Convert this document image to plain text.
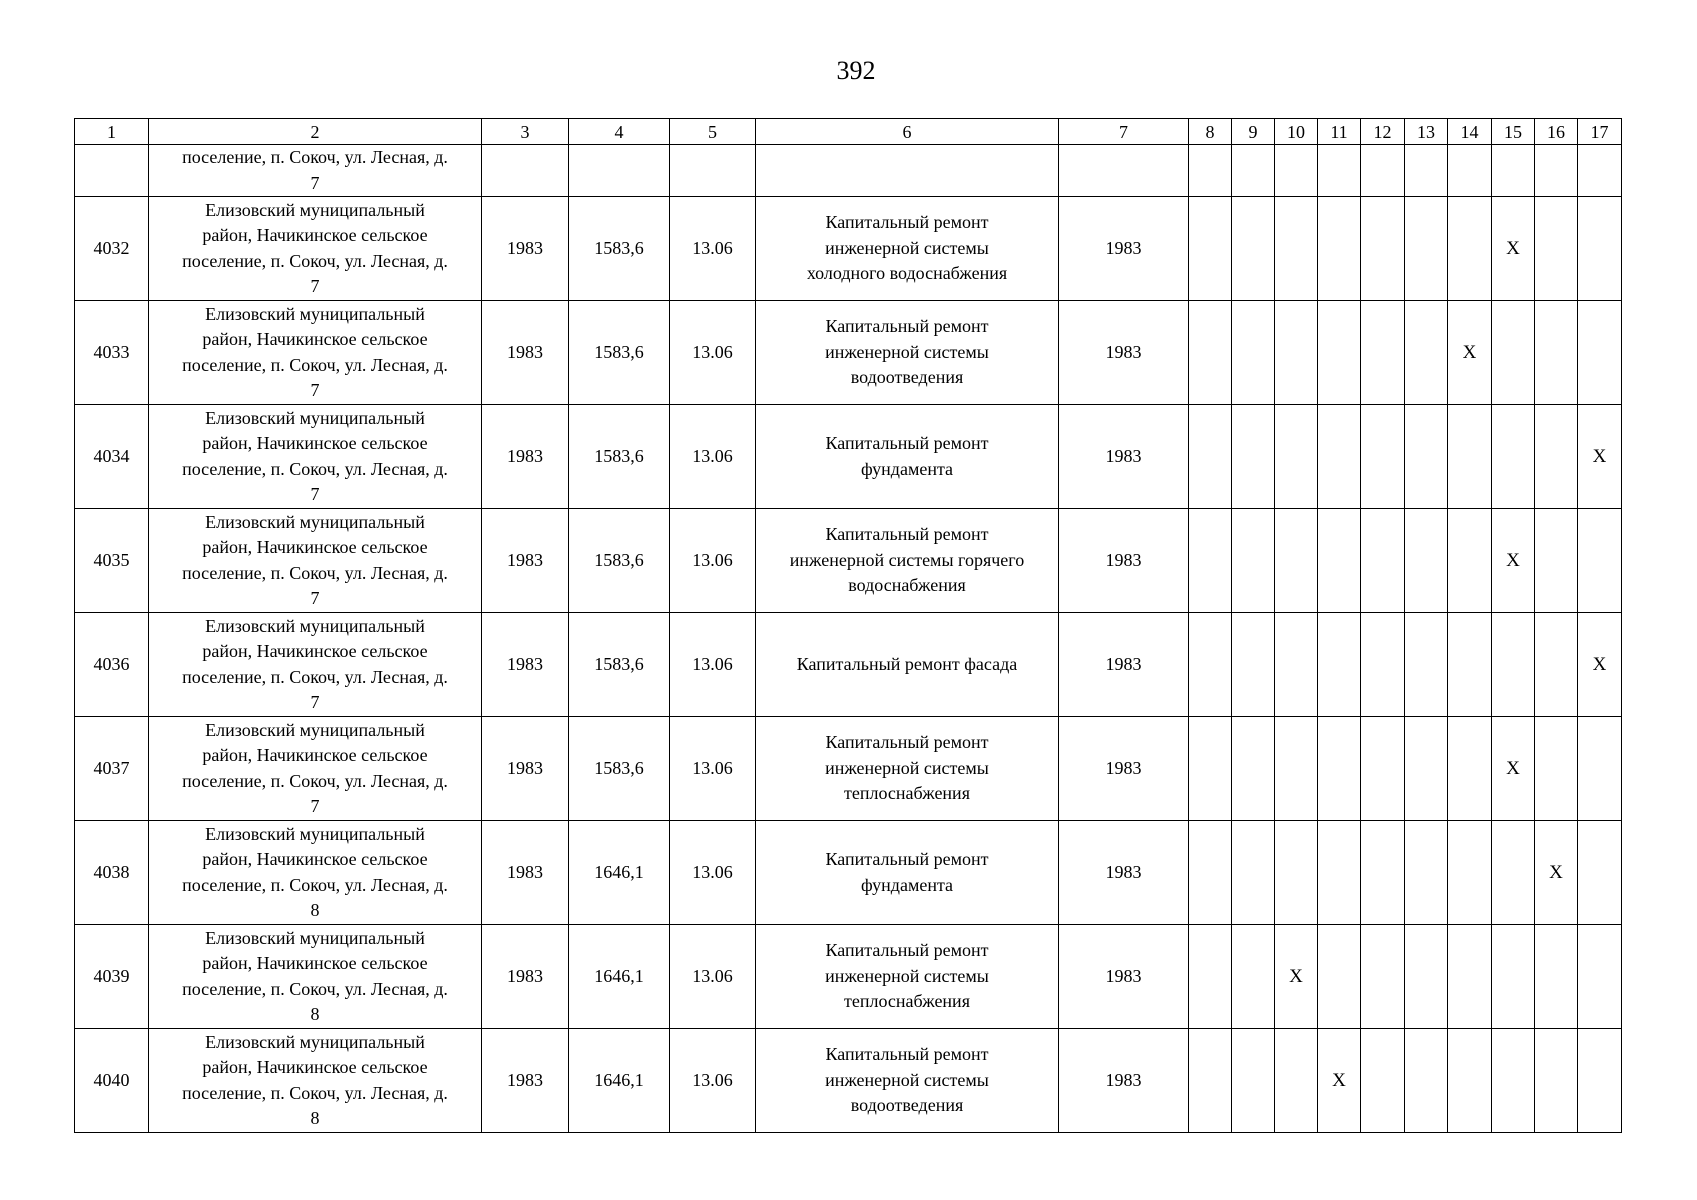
392
1	2	3	4	5	6	7	8	9	10	11	12	13	14	15	16	17
	поселение, п. Сокоч, ул. Лесная, д.
7															
4032	Елизовский муниципальный
район, Начикинское сельское
поселение, п. Сокоч, ул. Лесная, д.
7	1983	1583,6	13.06	Капитальный ремонт
инженерной системы
холодного водоснабжения	1983								X		
4033	Елизовский муниципальный
район, Начикинское сельское
поселение, п. Сокоч, ул. Лесная, д.
7	1983	1583,6	13.06	Капитальный ремонт
инженерной системы
водоотведения	1983							X			
4034	Елизовский муниципальный
район, Начикинское сельское
поселение, п. Сокоч, ул. Лесная, д.
7	1983	1583,6	13.06	Капитальный ремонт
фундамента	1983										X
4035	Елизовский муниципальный
район, Начикинское сельское
поселение, п. Сокоч, ул. Лесная, д.
7	1983	1583,6	13.06	Капитальный ремонт
инженерной системы горячего
водоснабжения	1983								X		
4036	Елизовский муниципальный
район, Начикинское сельское
поселение, п. Сокоч, ул. Лесная, д.
7	1983	1583,6	13.06	Капитальный ремонт фасада	1983										X
4037	Елизовский муниципальный
район, Начикинское сельское
поселение, п. Сокоч, ул. Лесная, д.
7	1983	1583,6	13.06	Капитальный ремонт
инженерной системы
теплоснабжения	1983								X		
4038	Елизовский муниципальный
район, Начикинское сельское
поселение, п. Сокоч, ул. Лесная, д.
8	1983	1646,1	13.06	Капитальный ремонт
фундамента	1983									X	
4039	Елизовский муниципальный
район, Начикинское сельское
поселение, п. Сокоч, ул. Лесная, д.
8	1983	1646,1	13.06	Капитальный ремонт
инженерной системы
теплоснабжения	1983			X							
4040	Елизовский муниципальный
район, Начикинское сельское
поселение, п. Сокоч, ул. Лесная, д.
8	1983	1646,1	13.06	Капитальный ремонт
инженерной системы
водоотведения	1983				X						
